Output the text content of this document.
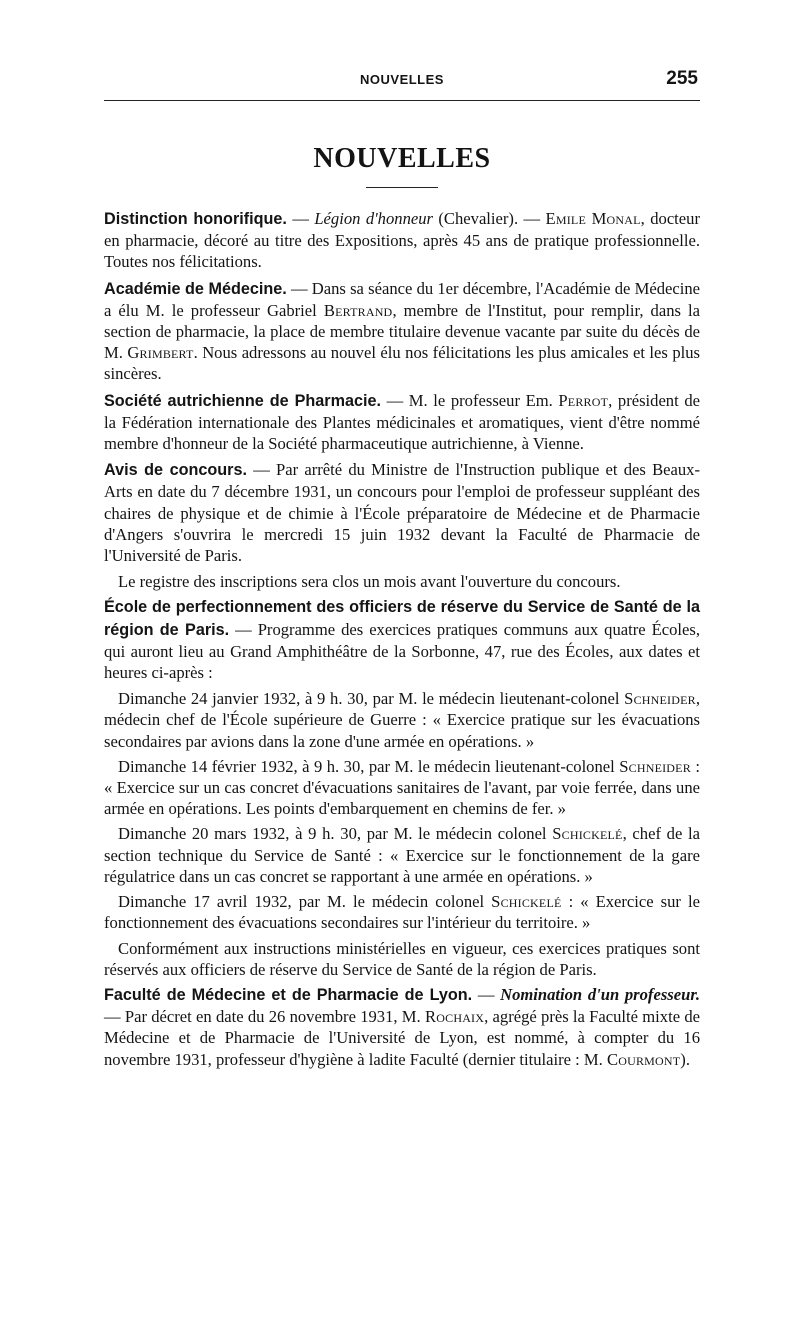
NOUVELLES	255
NOUVELLES

Distinction honorifique. — Légion d'honneur (Chevalier). — Emile Monal, docteur en pharmacie, décoré au titre des Expositions, après 45 ans de pratique professionnelle. Toutes nos félicitations.

Académie de Médecine. — Dans sa séance du 1er décembre, l'Académie de Médecine a élu M. le professeur Gabriel Bertrand, membre de l'Institut, pour remplir, dans la section de pharmacie, la place de membre titulaire devenue vacante par suite du décès de M. Grimbert. Nous adressons au nouvel élu nos félicitations les plus amicales et les plus sincères.

Société autrichienne de Pharmacie. — M. le professeur Em. Perrot, président de la Fédération internationale des Plantes médicinales et aromatiques, vient d'être nommé membre d'honneur de la Société pharmaceutique autrichienne, à Vienne.

Avis de concours. — Par arrêté du Ministre de l'Instruction publique et des Beaux-Arts en date du 7 décembre 1931, un concours pour l'emploi de professeur suppléant des chaires de physique et de chimie à l'École préparatoire de Médecine et de Pharmacie d'Angers s'ouvrira le mercredi 15 juin 1932 devant la Faculté de Pharmacie de l'Université de Paris.

Le registre des inscriptions sera clos un mois avant l'ouverture du concours.

École de perfectionnement des officiers de réserve du Service de Santé de la région de Paris. — Programme des exercices pratiques communs aux quatre Écoles, qui auront lieu au Grand Amphithéâtre de la Sorbonne, 47, rue des Écoles, aux dates et heures ci-après :

Dimanche 24 janvier 1932, à 9 h. 30, par M. le médecin lieutenant-colonel Schneider, médecin chef de l'École supérieure de Guerre : « Exercice pratique sur les évacuations secondaires par avions dans la zone d'une armée en opérations. »

Dimanche 14 février 1932, à 9 h. 30, par M. le médecin lieutenant-colonel Schneider : « Exercice sur un cas concret d'évacuations sanitaires de l'avant, par voie ferrée, dans une armée en opérations. Les points d'embarquement en chemins de fer. »

Dimanche 20 mars 1932, à 9 h. 30, par M. le médecin colonel Schickelé, chef de la section technique du Service de Santé : « Exercice sur le fonctionnement de la gare régulatrice dans un cas concret se rapportant à une armée en opérations. »

Dimanche 17 avril 1932, par M. le médecin colonel Schickelé : « Exercice sur le fonctionnement des évacuations secondaires sur l'intérieur du territoire. »

Conformément aux instructions ministérielles en vigueur, ces exercices pratiques sont réservés aux officiers de réserve du Service de Santé de la région de Paris.

Faculté de Médecine et de Pharmacie de Lyon. — Nomination d'un professeur. — Par décret en date du 26 novembre 1931, M. Rochaix, agrégé près la Faculté mixte de Médecine et de Pharmacie de l'Université de Lyon, est nommé, à compter du 16 novembre 1931, professeur d'hygiène à ladite Faculté (dernier titulaire : M. Courmont).
